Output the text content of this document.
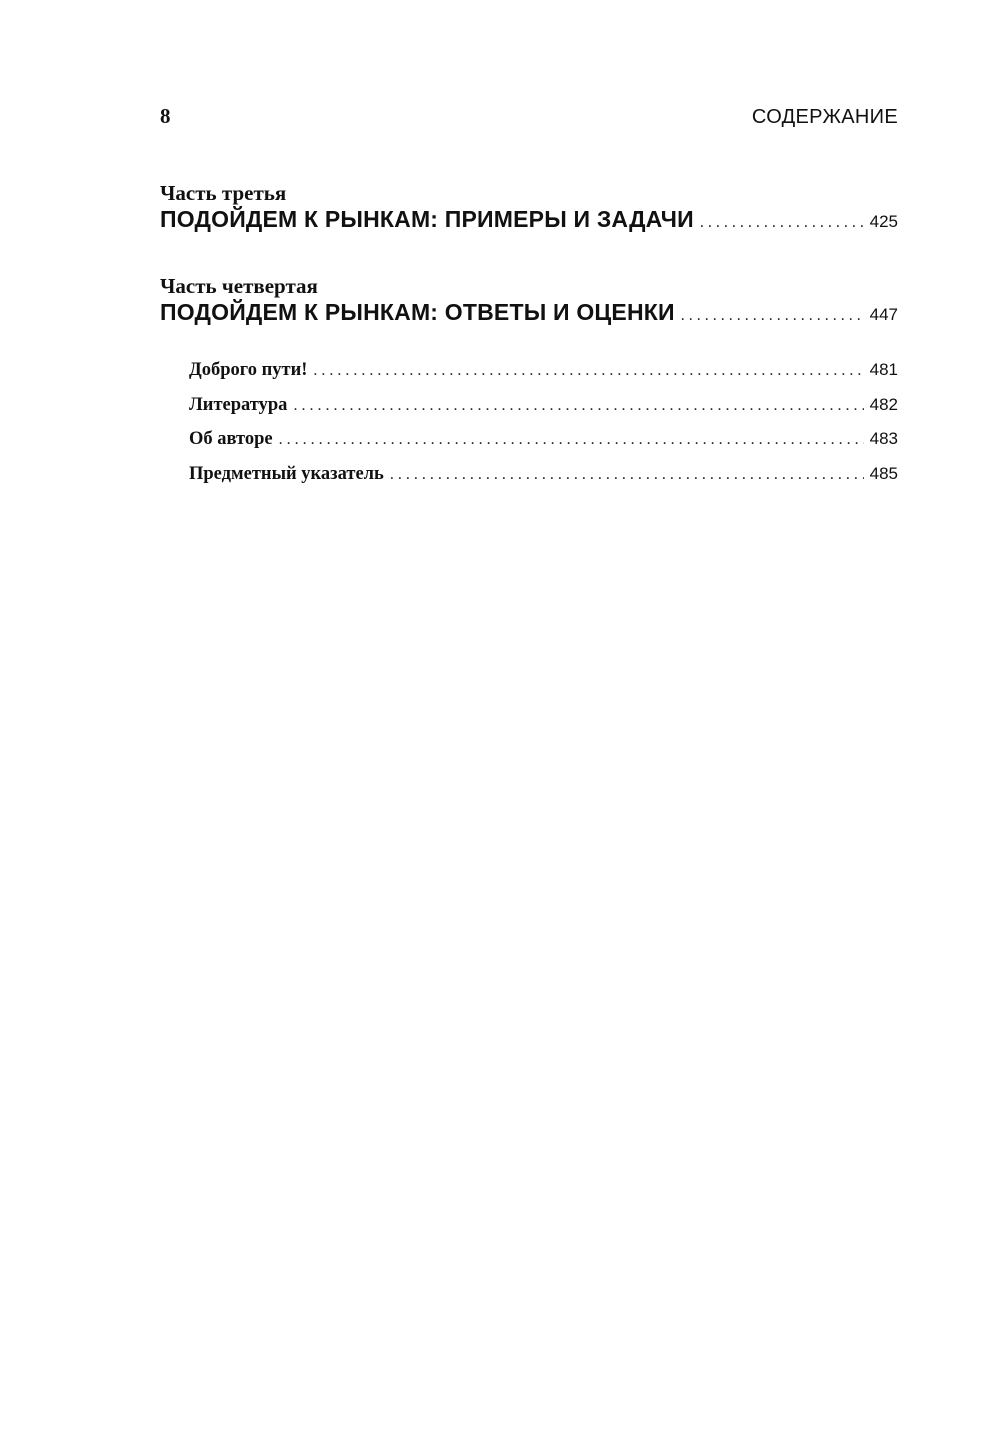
8	СОДЕРЖАНИЕ
Часть третья
ПОДОЙДЕМ К РЫНКАМ: ПРИМЕРЫ И ЗАДАЧИ . . .	425
Часть четвертая
ПОДОЙДЕМ К РЫНКАМ: ОТВЕТЫ И ОЦЕНКИ . . .	447
Доброго пути! . . .	481
Литература . . .	482
Об авторе . . .	483
Предметный указатель . . .	485
